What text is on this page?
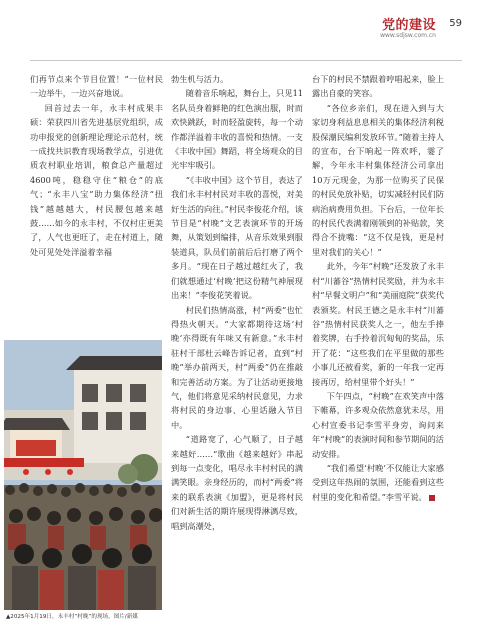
党的建设
www.sdjsw.com.cn
59

们再节点来个节目位置！”一位村民一边举牛，一边兴奋地说。

回首过去一年，永丰村成果丰硕：荣获四川省先进基层党组织，成功申报党的创新理论理论示范村，统一成找共识教育现场教学点，引进优质农村职业培训，粮食总产量超过4600吨，稳稳守住“粮仓”的底气；“永丰八宝”助力集体经济“扭钱”越越越大，村民腰包越来越鼓……如今的永丰村，不仅村庄更美了，人气也更旺了，走在村道上，随处可见处处洋溢着幸福

▲2025年1月19日，永丰村“村晚”的现场，图片/新媒

勃生机与活力。

随着音乐响起，舞台上，只见11名队员身着鲜艳的红色演出服，时而欢快跳跃，时而轻盈旋转，每一个动作都洋溢着丰收的喜悦和热情。一支《丰收中国》舞蹈，将全场观众的目光牢牢吸引。

“《丰收中国》这个节目，表达了我们永丰村村民对丰收的喜悦，对美好生活的向往。”村民李俊花介绍，该节目是“村晚”文艺表演环节的开场舞，从策划到编排，从音乐效果到服装道具，队员们前前后后打磨了两个多月。“现在日子越过越红火了，我们就想通过‘村晚’把这份精气神展现出来！”李俊花笑着说。

村民们热情高涨，村“两委”也忙得热火朝天。“大家都期待这场‘村晚’亦得既有年味又有新意。”永丰村驻村干部杜云峰告诉记者，直到“村晚”举办前两天，村“两委”仍在推敲和完善活动方案。为了让活动更接地气，他们将意见采纳村民意见，力求将村民的身边事、心里话融入节目中。

“道路宽了，心气顺了，日子越来越好……”歌曲《越来越好》串起到每一点变化，唱尽永丰村村民的满满笑眼。亲身经历的，而村“两委”将来的联系表演《加盟》，更是将村民们对新生活的期许展现得淋漓尽致，唱到高潮处，

台下的村民不禁跟着哼唱起来，脸上露出自豪的笑容。

“各位乡亲们，现在进入到与大家切身利益息息相关的集体经济利税股保潮民编利发放环节。”随着主持人的宣布，台下响起一阵欢呼，霎了解，今年永丰村集体经济公司拿出10万元现金，为那一位购买了民保的村民免放补贴，切实减轻村民们防病治病费用负担。下台后，一位年长的村民代表满着刚领到的补贴款，笑得合不拢嘴：“这不仅是钱，更是村里对我们的关心！”

此外，今年“村晚”还发放了永丰村“川蕃谷”热情村民奖励，并为永丰村“早餐文明户”和“美丽庭院”获奖代表颁奖。村民王德之是永丰村“川蕃谷”热情村民获奖人之一，他左手捧着奖牌，右手拎着沉甸甸的奖品，乐开了花：“这些我们在平里做的那些小事儿还被看奖，新的一年我一定再接再厉，给村里带个好头！”

下午四点，“村晚”在欢笑声中落下帷幕，许多观众依然意犹未尽，用心村宣委书记李雪平身旁，询问来年“村晚”的表演时间和参节期间的活动安排。

“我们希望‘村晚’不仅能让大家感受到这年热闹的氛围，还能看到这些村里的变化和希望。”李雪平说。
